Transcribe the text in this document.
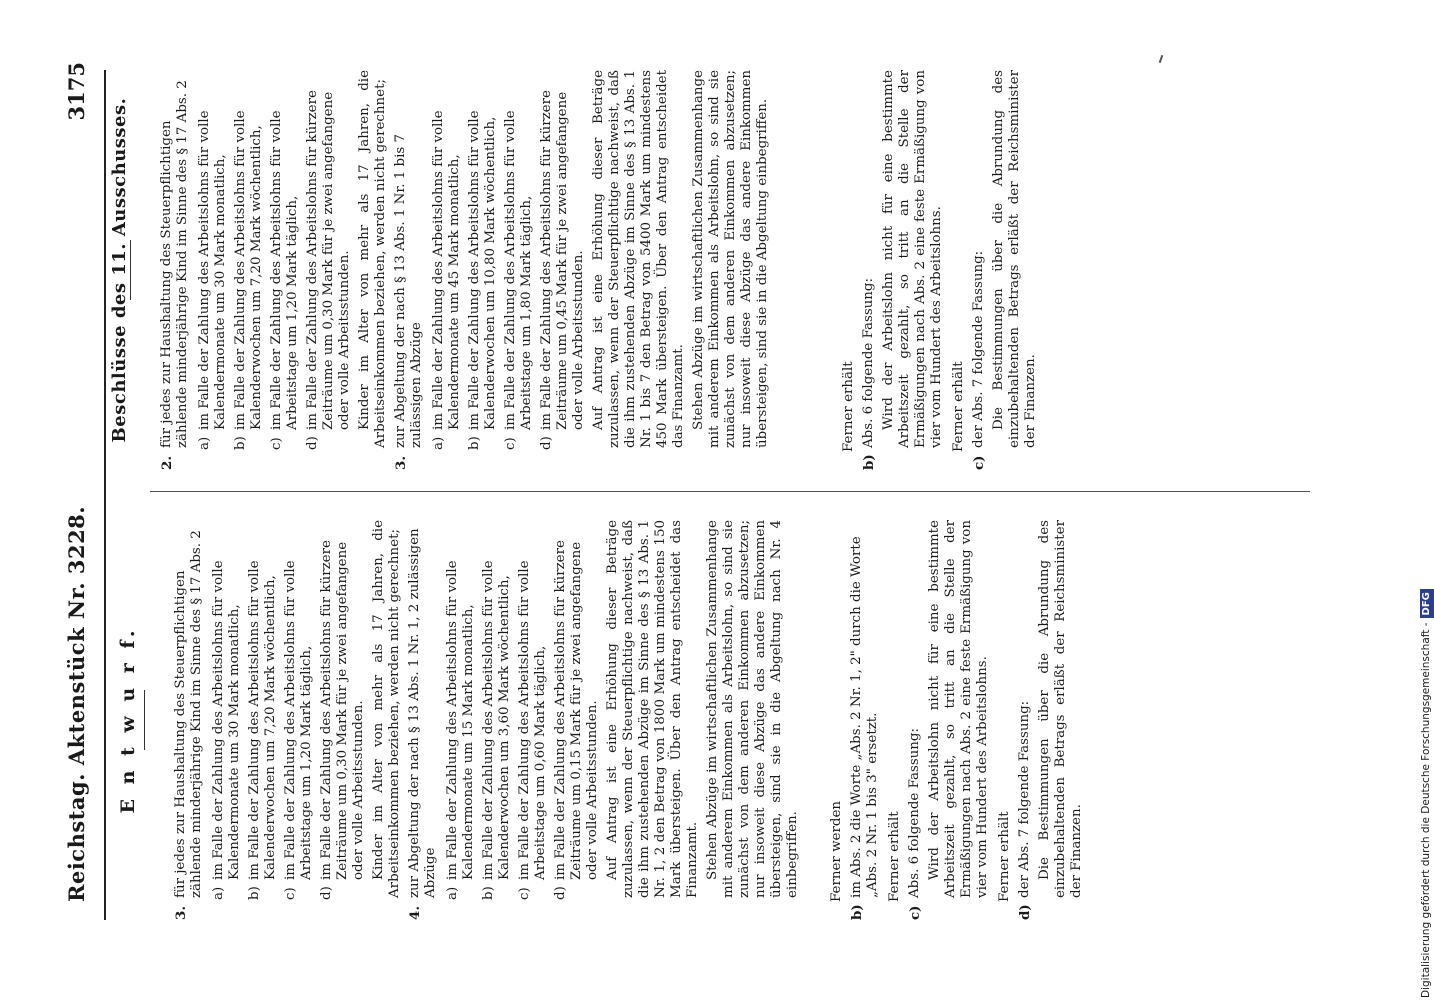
Reichstag. Aktenstück Nr. 3228.
3175
E n t w u r f.
3.
für jedes zur Haushaltung des Steuerpflichtigen zählende minderjährige Kind im Sinne des § 17 Abs. 2 a)
im Falle der Zahlung des Arbeitslohns für volle Kalendermonate um 30 Mark monatlich,
b)
im Falle der Zahlung des Arbeitslohns für volle Kalenderwochen um 7,20 Mark wöchentlich,
c)
im Falle der Zahlung des Arbeitslohns für volle Arbeitstage um 1,20 Mark täglich,
d)
im Falle der Zahlung des Arbeitslohns für kürzere Zeiträume um 0,30 Mark für je zwei angefangene oder volle Arbeitsstunden. Kinder im Alter von mehr als 17 Jahren, die Arbeitseinkommen beziehen, werden nicht gerechnet;
4.
zur Abgeltung der nach § 13 Abs. 1 Nr. 1, 2 zulässigen Abzüge a)
im Falle der Zahlung des Arbeitslohns für volle Kalendermonate um 15 Mark monatlich,
b)
im Falle der Zahlung des Arbeitslohns für volle Kalenderwochen um 3,60 Mark wöchentlich,
c)
im Falle der Zahlung des Arbeitslohns für volle Arbeitstage um 0,60 Mark täglich,
d)
im Falle der Zahlung des Arbeitslohns für kürzere Zeiträume um 0,15 Mark für je zwei angefangene oder volle Arbeitsstunden. Auf Antrag ist eine Erhöhung dieser Beträge zuzulassen, wenn der Steuerpflichtige nachweist, daß die ihm zustehenden Abzüge im Sinne des § 13 Abs. 1 Nr. 1, 2 den Betrag von 1800 Mark um mindestens 150 Mark übersteigen. Über den Antrag entscheidet das Finanzamt. Stehen Abzüge im wirtschaftlichen Zusammenhange mit anderem Einkommen als Arbeitslohn, so sind sie zunächst von dem anderen Einkommen abzusetzen; nur insoweit diese Abzüge das andere Einkommen übersteigen, sind sie in die Abgeltung nach Nr. 4 einbegriffen. Ferner werden
b)
im Abs. 2 die Worte „Abs. 2 Nr. 1, 2" durch die Worte „Abs. 2 Nr. 1 bis 3" ersetzt. Ferner erhält
c)
Abs. 6 folgende Fassung: Wird der Arbeitslohn nicht für eine bestimmte Arbeitszeit gezahlt, so tritt an die Stelle der Ermäßigungen nach Abs. 2 eine feste Ermäßigung von vier vom Hundert des Arbeitslohns. Ferner erhält
d)
der Abs. 7 folgende Fassung: Die Bestimmungen über die Abrundung des einzubehaltenden Betrags erläßt der Reichsminister der Finanzen.
Beschlüsse des 11. Ausschusses.
2.
für jedes zur Haushaltung des Steuerpflichtigen zählende minderjährige Kind im Sinne des § 17 Abs. 2 a)
im Falle der Zahlung des Arbeitslohns für volle Kalendermonate um 30 Mark monatlich,
b)
im Falle der Zahlung des Arbeitslohns für volle Kalenderwochen um 7,20 Mark wöchentlich,
c)
im Falle der Zahlung des Arbeitslohns für volle Arbeitstage um 1,20 Mark täglich,
d)
im Falle der Zahlung des Arbeitslohns für kürzere Zeiträume um 0,30 Mark für je zwei angefangene oder volle Arbeitsstunden. Kinder im Alter von mehr als 17 Jahren, die Arbeitseinkommen beziehen, werden nicht gerechnet;
3.
zur Abgeltung der nach § 13 Abs. 1 Nr. 1 bis 7 zulässigen Abzüge a)
im Falle der Zahlung des Arbeitslohns für volle Kalendermonate um 45 Mark monatlich,
b)
im Falle der Zahlung des Arbeitslohns für volle Kalenderwochen um 10,80 Mark wöchentlich,
c)
im Falle der Zahlung des Arbeitslohns für volle Arbeitstage um 1,80 Mark täglich,
d)
im Falle der Zahlung des Arbeitslohns für kürzere Zeiträume um 0,45 Mark für je zwei angefangene oder volle Arbeitsstunden. Auf Antrag ist eine Erhöhung dieser Beträge zuzulassen, wenn der Steuerpflichtige nachweist, daß die ihm zustehenden Abzüge im Sinne des § 13 Abs. 1 Nr. 1 bis 7 den Betrag von 5400 Mark um mindestens 450 Mark übersteigen. Über den Antrag entscheidet das Finanzamt. Stehen Abzüge im wirtschaftlichen Zusammenhange mit anderem Einkommen als Arbeitslohn, so sind sie zunächst von dem anderen Einkommen abzusetzen; nur insoweit diese Abzüge das andere Einkommen übersteigen, sind sie in die Abgeltung einbegriffen.	Ferner erhält
b)
Abs. 6 folgende Fassung: Wird der Arbeitslohn nicht für eine bestimmte Arbeitszeit gezahlt, so tritt an die Stelle der Ermäßigungen nach Abs. 2 eine feste Ermäßigung von vier vom Hundert des Arbeitslohns. Ferner erhält
c)
der Abs. 7 folgende Fassung: Die Bestimmungen über die Abrundung des einzubehaltenden Betrags erläßt der Reichsminister der Finanzen.
Digitalisierung gefördert durch die Deutsche Forschungsgemeinschaft -DFG
